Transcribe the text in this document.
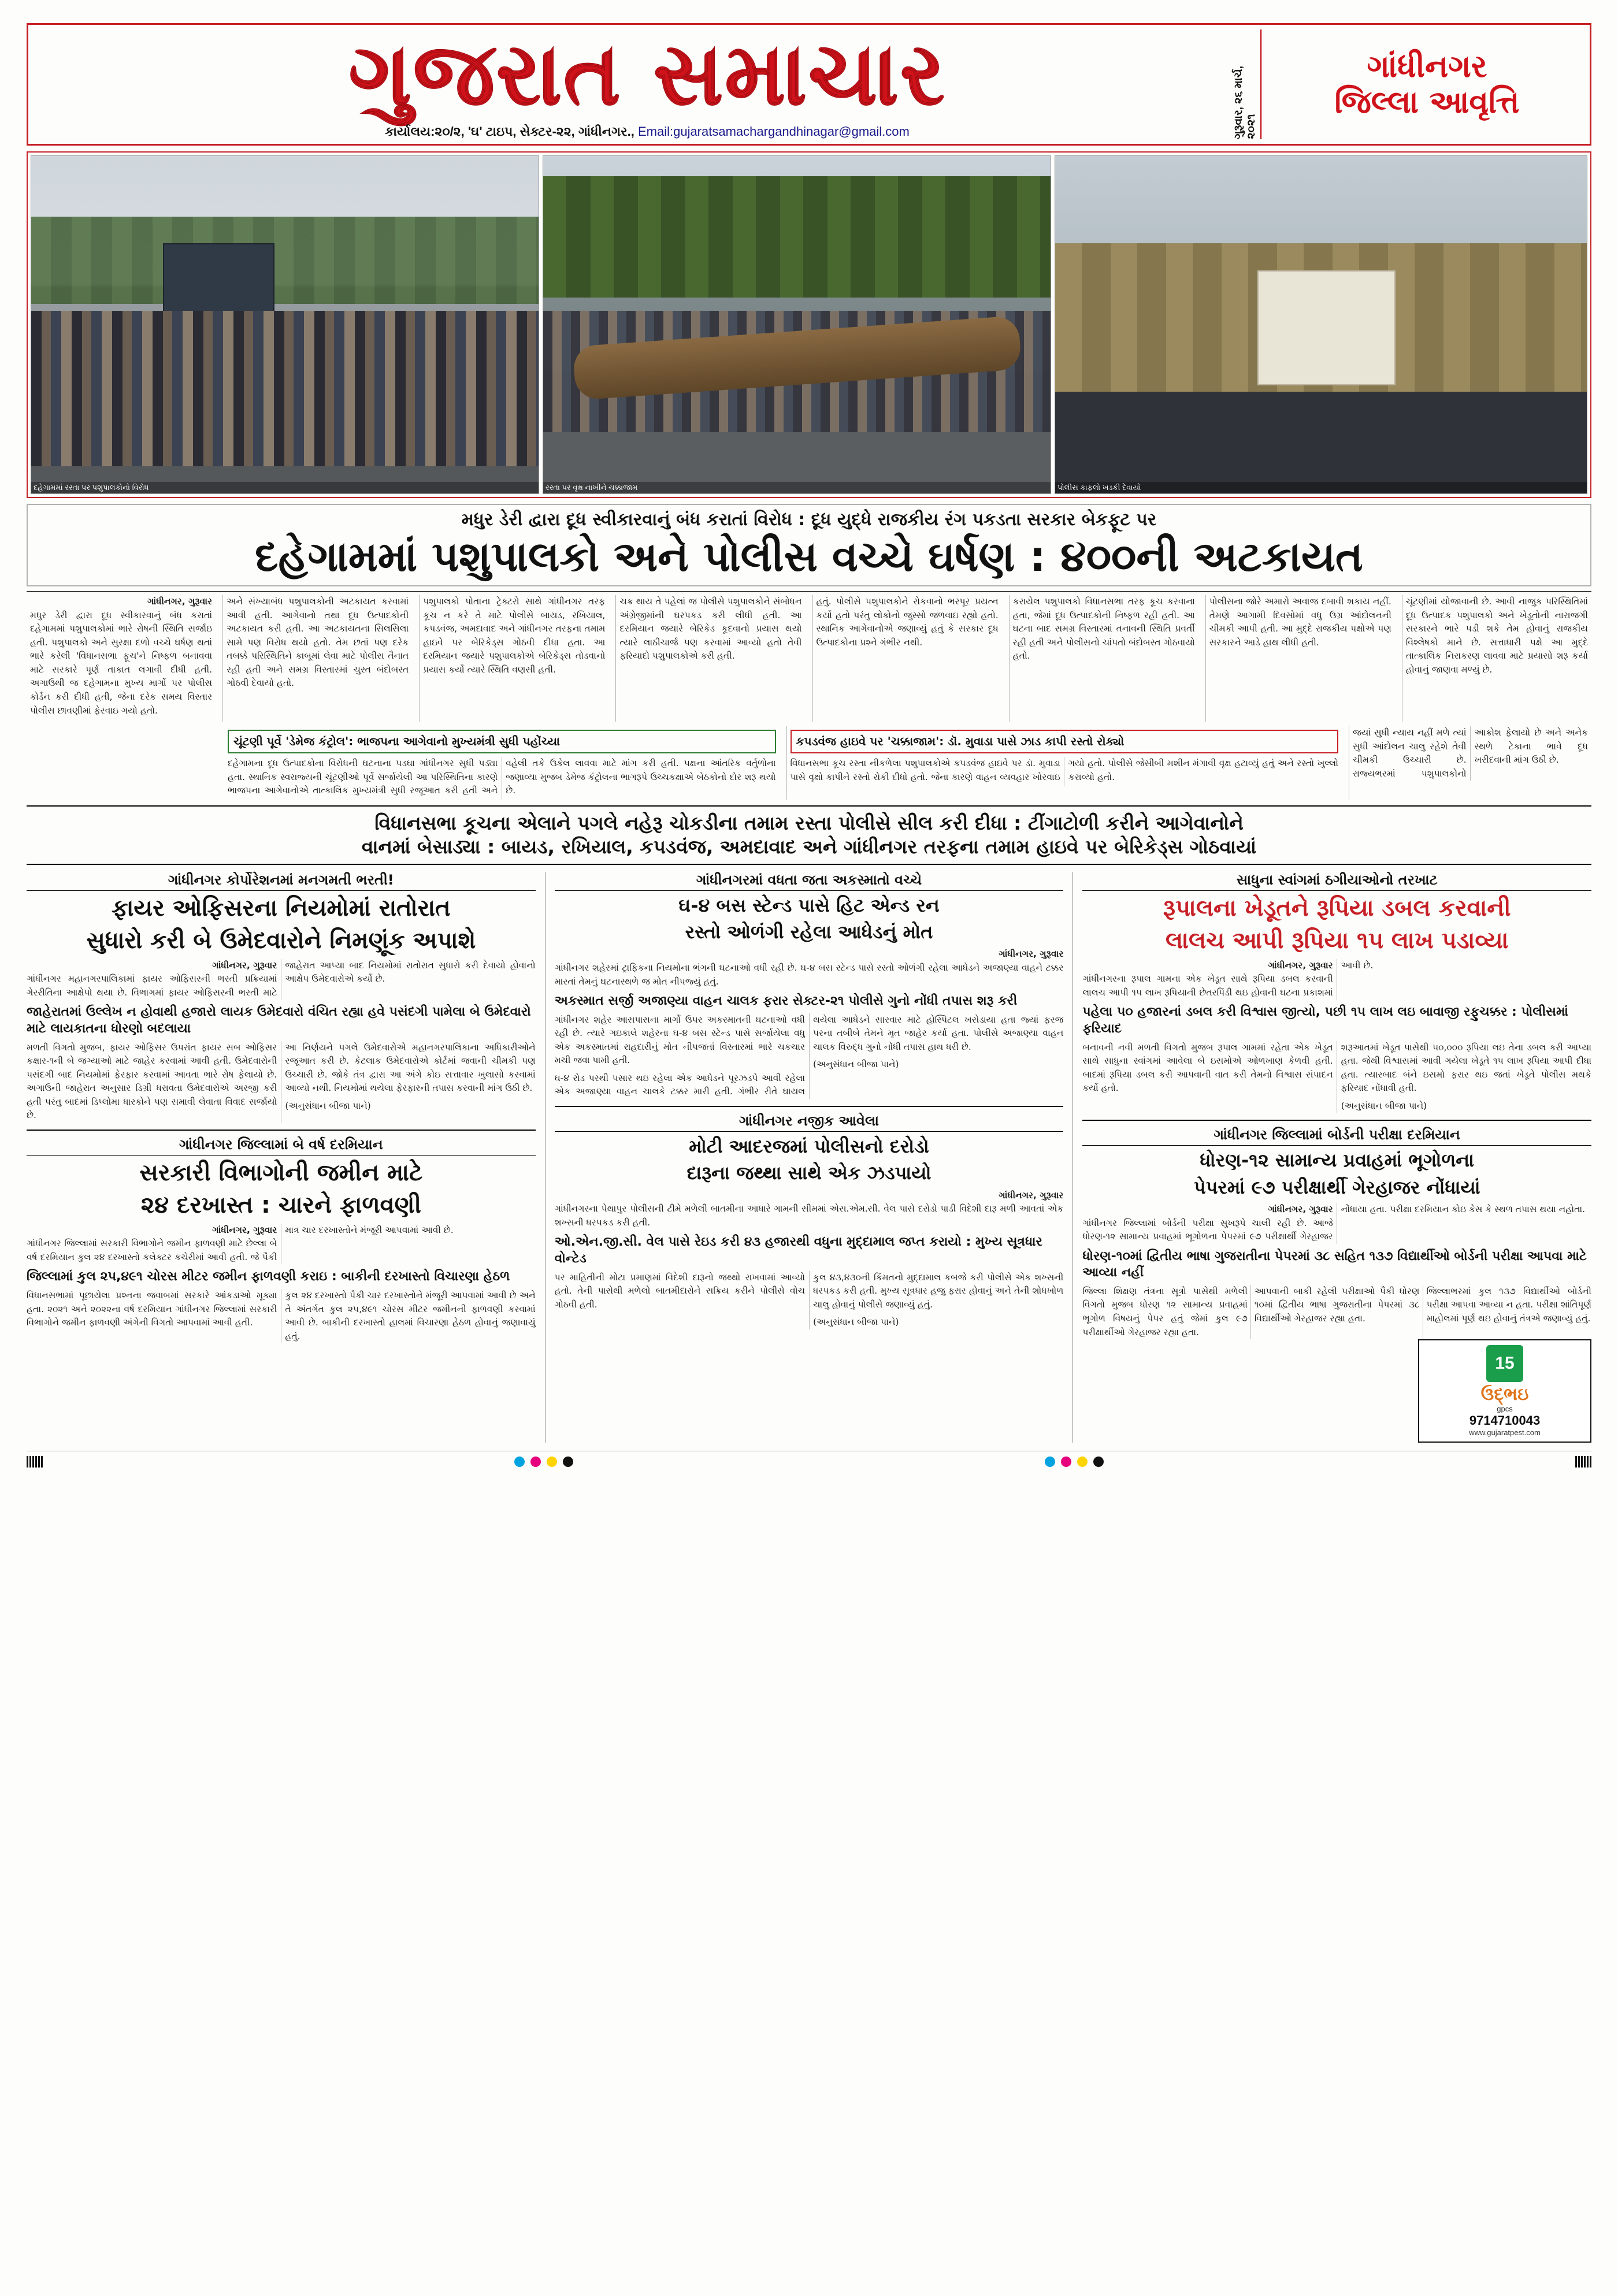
ગુજરાત સમાચાર
કાર્યાલય:૨૦/૨, 'ઘ' ટાઇપ, સેક્ટર-૨૨, ગાંધીનગર., Email:gujaratsamachargandhinagar@gmail.com	ગુરૂવાર, ૨૬ માર્ચ, ૨૦૨૧
ગાંધીનગર
જિલ્લા આવૃત્તિ
દહેગામમાં રસ્તા પર પશુપાલકોનો વિરોધ	રસ્તા પર વૃક્ષ નાખીને ચક્કાજામ	પોલીસ કાફલો ખડકી દેવાયો
મધુર ડેરી દ્વારા દૂધ સ્વીકારવાનું બંધ કરાતાં વિરોધ : દૂધ યુદ્ધે રાજકીય રંગ પકડતા સરકાર બેકફૂટ પર
દહેગામમાં પશુપાલકો અને પોલીસ વચ્ચે ઘર્ષણ : ૪૦૦ની અટકાયત
ગાંધીનગર, ગુરૂવાર

મધુર ડેરી દ્વારા દૂધ સ્વીકારવાનું બંધ કરાતાં દહેગામમાં પશુપાલકોમાં ભારે રોષની સ્થિતિ સર્જાઇ હતી. પશુપાલકો અને સુરક્ષા દળો વચ્ચે ઘર્ષણ થતાં ભારે કરેલી 'વિધાનસભા ફૂચ'ને નિષ્ફળ બનાવવા માટે સરકારે પૂર્ણ તાકાત લગાવી દીધી હતી. અગાઉથી જ દહેગામના મુખ્ય માર્ગો પર પોલીસ કોર્ડન કરી દીધી હતી, જેના દરેક સમય વિસ્તાર પોલીસ છાવણીમાં ફેરવાઇ ગયો હતો.

અને સંખ્યાબંધ પશુપાલકોની અટકાયત કરવામાં આવી હતી. આગેવાનો તથા દૂધ ઉત્પાદકોની અટકાયત કરી હતી. આ અટકાયતના સિલસિલા સામે પણ વિરોધ થયો હતો. તેમ છતાં પણ દરેક તબક્કે પરિસ્થિતિને કાબૂમાં લેવા માટે પોલીસ તૈનાત રહી હતી અને સમગ્ર વિસ્તારમાં ચુસ્ત બંદોબસ્ત ગોઠવી દેવાયો હતો.

પશુપાલકો પોતાના ટ્રેક્ટરો સાથે ગાંધીનગર તરફ કૂચ ન કરે તે માટે પોલીસે બાયડ, રખિયાલ, કપડવંજ, અમદાવાદ અને ગાંધીનગર તરફના તમામ હાઇવે પર બેરિકેડ્સ ગોઠવી દીધા હતા. આ દરમિયાન જયારે પશુપાલકોએ બેરિકેડ્સ તોડવાનો પ્રયાસ કર્યો ત્યારે સ્થિતિ વણસી હતી.

ચક્ર થાય તે પહેલાં જ પોલીસે પશુપાલકોને સંબોધન અંગ્રેજીમાંની ઘરપકડ કરી લીધી હતી. આ દરમિયાન જયારે બેરિકેડ કૂદવાનો પ્રયાસ થયો ત્યારે લાઠીચાર્જ પણ કરવામાં આવ્યો હતો તેવી ફરિયાદો પશુપાલકોએ કરી હતી.

હતું. પોલીસે પશુપાલકોને રોકવાનો ભરપૂર પ્રયત્ન કર્યો હતો પરંતુ લોકોનો જુસ્સો જળવાઇ રહ્યો હતો. સ્થાનિક આગેવાનોએ જણાવ્યું હતું કે સરકાર દૂધ ઉત્પાદકોના પ્રશ્ને ગંભીર નથી.

કરાયેલ પશુપાલકો વિધાનસભા તરફ કૂચ કરવાના હતા, જેમાં દૂધ ઉત્પાદકોની નિષ્ફળ રહી હતી. આ ઘટના બાદ સમગ્ર વિસ્તારમાં તનાવની સ્થિતિ પ્રવર્તી રહી હતી અને પોલીસનો ચાંપતો બંદોબસ્ત ગોઠવાયો હતો.

પોલીસના જોરે અમારો અવાજ દબાવી શકાય નહીં. તેમણે આગામી દિવસોમાં વધુ ઉગ્ર આંદોલનની ચીમકી આપી હતી. આ મુદ્દે રાજકીય પક્ષોએ પણ સરકારને આડે હાથ લીધી હતી.

ચૂંટણીમાં યોજાવાની છે. આવી નાજુક પરિસ્થિતિમાં દૂધ ઉત્પાદક પશુપાલકો અને ખેડૂતોની નારાજગી સરકારને ભારે પડી શકે તેમ હોવાનું રાજકીય વિશ્લેષકો માને છે. સત્તાધારી પક્ષે આ મુદ્દે તાત્કાલિક નિરાકરણ લાવવા માટે પ્રયાસો શરૂ કર્યા હોવાનું જાણવા મળ્યું છે.

ચૂંટણી પૂર્વે 'ડેમેજ કંટ્રોલ': ભાજપના આગેવાનો મુખ્યમંત્રી સુધી પહોંચ્યા

દહેગામના દૂધ ઉત્પાદકોના વિરોધની ઘટનાના પડઘા ગાંધીનગર સુધી પડ્યા હતા. સ્થાનિક સ્વરાજ્યની ચૂંટણીઓ પૂર્વે સર્જાયેલી આ પરિસ્થિતિના કારણે ભાજપના આગેવાનોએ તાત્કાલિક મુખ્યમંત્રી સુધી રજૂઆત કરી હતી અને વહેલી તકે ઉકેલ લાવવા માટે માંગ કરી હતી. પક્ષના આંતરિક વર્તુળોના જણાવ્યા મુજબ ડેમેજ કંટ્રોલના ભાગરૂપે ઉચ્ચકક્ષાએ બેઠકોનો દોર શરૂ થયો છે.

કપડવંજ હાઇવે પર 'ચક્કાજામ': ડૉ. મુવાડા પાસે ઝાડ કાપી રસ્તો રોક્યો

વિધાનસભા કૂચ રસ્તા નીકળેલા પશુપાલકોએ કપડવંજ હાઇવે પર ડૉ. મુવાડા પાસે વૃક્ષો કાપીને રસ્તો રોકી દીધો હતો. જેના કારણે વાહન વ્યવહાર ખોરવાઇ ગયો હતો. પોલીસે જેસીબી મશીન મંગાવી વૃક્ષ હટાવ્યું હતું અને રસ્તો ખુલ્લો કરાવ્યો હતો.

જયાં સુધી ન્યાય નહીં મળે ત્યાં સુધી આંદોલન ચાલુ રહેશે તેવી ચીમકી ઉચ્ચારી છે. રાજ્યભરમાં પશુપાલકોનો આક્રોશ ફેલાયો છે અને અનેક સ્થળે ટેકાના ભાવે દૂધ ખરીદવાની માંગ ઉઠી છે.

વિધાનસભા કૂચના એલાને પગલે નહેરૂ ચોકડીના તમામ રસ્તા પોલીસે સીલ કરી દીધા : ટીંગાટોળી કરીને આગેવાનોને
વાનમાં બેસાડ્યા : બાયડ, રખિયાલ, કપડવંજ, અમદાવાદ અને ગાંધીનગર તરફના તમામ હાઇવે પર બેરિકેડ્સ ગોઠવાયાં
ગાંધીનગર કોર્પોરેશનમાં મનગમતી ભરતી!
ફાયર ઓફિસરના નિયમોમાં રાતોરાત
સુધારો કરી બે ઉમેદવારોને નિમણૂંક અપાશે
ગાંધીનગર, ગુરૂવાર

ગાંધીનગર મહાનગરપાલિકામાં ફાયર ઓફિસરની ભરતી પ્રક્રિયામાં ગેરરીતિના આક્ષેપો થયા છે. વિભાગમાં ફાયર ઓફિસરની ભરતી માટે જાહેરાત આપ્યા બાદ નિયમોમાં રાતોરાત સુધારો કરી દેવાયો હોવાનો આક્ષેપ ઉમેદવારોએ કર્યો છે.

જાહેરાતમાં ઉલ્લેખ ન હોવાથી હજારો લાયક ઉમેદવારો વંચિત રહ્યા હવે પસંદગી પામેલા બે ઉમેદવારો માટે લાયકાતના ધોરણો બદલાયા

મળતી વિગતો મુજબ, ફાયર ઓફિસર ઉપરાંત ફાયર સબ ઓફિસર કક્ષાર-૧ની બે જગ્યાઓ માટે જાહેર કરવામાં આવી હતી. ઉમેદવારોની પસંદગી બાદ નિયમોમાં ફેરફાર કરવામાં આવતા ભારે રોષ ફેલાયો છે. અગાઉની જાહેરાત અનુસાર ડિગ્રી ધરાવતા ઉમેદવારોએ અરજી કરી હતી પરંતુ બાદમાં ડિપ્લોમા ધારકોને પણ સમાવી લેવાતા વિવાદ સર્જાયો છે.

આ નિર્ણયને પગલે ઉમેદવારોએ મહાનગરપાલિકાના અધિકારીઓને રજૂઆત કરી છે. કેટલાક ઉમેદવારોએ કોર્ટમાં જવાની ચીમકી પણ ઉચ્ચારી છે. જોકે તંત્ર દ્વારા આ અંગે કોઇ સત્તાવાર ખુલાસો કરવામાં આવ્યો નથી. નિયમોમાં થયેલા ફેરફારની તપાસ કરવાની માંગ ઉઠી છે.

(અનુસંધાન બીજા પાને)

ગાંધીનગર જિલ્લામાં બે વર્ષ દરમિયાન
સરકારી વિભાગોની જમીન માટે
૨૪ દરખાસ્ત : ચારને ફાળવણી
ગાંધીનગર, ગુરૂવાર

ગાંધીનગર જિલ્લામાં સરકારી વિભાગોને જમીન ફાળવણી માટે છેલ્લા બે વર્ષ દરમિયાન કુલ ૨૪ દરખાસ્તો કલેક્ટર કચેરીમાં આવી હતી. જે પૈકી માત્ર ચાર દરખાસ્તોને મંજૂરી આપવામાં આવી છે.

જિલ્લામાં કુલ ૨૫,૪૯૧ ચોરસ મીટર જમીન ફાળવણી કરાઇ : બાકીની દરખાસ્તો વિચારણા હેઠળ

વિધાનસભામાં પૂછાયેલા પ્રશ્નના જવાબમાં સરકારે આંકડાઓ મૂક્યા હતા. ૨૦૨૧ અને ૨૦૨૨ના વર્ષ દરમિયાન ગાંધીનગર જિલ્લામાં સરકારી વિભાગોને જમીન ફાળવણી અંગેની વિગતો આપવામાં આવી હતી.

કુલ ૨૪ દરખાસ્તો પૈકી ચાર દરખાસ્તોને મંજૂરી આપવામાં આવી છે અને તે અંતર્ગત કુલ ૨૫,૪૯૧ ચોરસ મીટર જમીનની ફાળવણી કરવામાં આવી છે. બાકીની દરખાસ્તો હાલમાં વિચારણા હેઠળ હોવાનું જણાવાયું હતું.

ગાંધીનગરમાં વધતા જતા અકસ્માતો વચ્ચે
ઘ-૪ બસ સ્ટેન્ડ પાસે હિટ એન્ડ રન
રસ્તો ઓળંગી રહેલા આધેડનું મોત
ગાંધીનગર, ગુરૂવાર

ગાંધીનગર શહેરમાં ટ્રાફિકના નિયમોના ભંગની ઘટનાઓ વધી રહી છે. ઘ-૪ બસ સ્ટેન્ડ પાસે રસ્તો ઓળંગી રહેલા આધેડને અજાણ્યા વાહને ટક્કર મારતાં તેમનું ઘટનાસ્થળે જ મોત નીપજ્યું હતું.

અકસ્માત સર્જી અજાણ્યા વાહન ચાલક ફરાર સેક્ટર-૨૧ પોલીસે ગુનો નોંધી તપાસ શરૂ કરી

ગાંધીનગર શહેર આસપાસના માર્ગો ઉપર અકસ્માતની ઘટનાઓ વધી રહી છે. ત્યારે ગઇકાલે શહેરના ઘ-૪ બસ સ્ટેન્ડ પાસે સર્જાયેલા વધુ એક અકસ્માતમાં રાહદારીનું મોત નીપજતાં વિસ્તારમાં ભારે ચકચાર મચી જવા પામી હતી.

ઘ-૪ રોડ પરથી પસાર થઇ રહેલા એક આધેડને પૂરઝડપે આવી રહેલા એક અજાણ્યા વાહન ચાલકે ટક્કર મારી હતી. ગંભીર રીતે ઘાયલ થયેલા આધેડને સારવાર માટે હોસ્પિટલ ખસેડાયા હતા જ્યાં ફરજ પરના તબીબે તેમને મૃત જાહેર કર્યા હતા. પોલીસે અજાણ્યા વાહન ચાલક વિરુદ્ધ ગુનો નોંધી તપાસ હાથ ધરી છે.

(અનુસંધાન બીજા પાને)

ગાંધીનગર નજીક આવેલા
મોટી આદરજમાં પોલીસનો દરોડો
દારૂના જથ્થા સાથે એક ઝડપાયો
ગાંધીનગર, ગુરૂવાર

ગાંધીનગરના પેથાપુર પોલીસની ટીમે મળેલી બાતમીના આધારે ગામની સીમમાં એસ.એમ.સી. વેલ પાસે દરોડો પાડી વિદેશી દારૂ મળી આવતાં એક શખ્સની ધરપકડ કરી હતી.

ઓ.એન.જી.સી. વેલ પાસે રેઇડ કરી ૪૩ હજારથી વધુના મુદ્દામાલ જપ્ત કરાયો : મુખ્ય સૂત્રધાર વોન્ટેડ

પર માહિતીની મોટા પ્રમાણમાં વિદેશી દારૂનો જથ્થો રાખવામાં આવ્યો હતો. તેની પાસેથી મળેલો બાતમીદારોને સક્રિય કરીને પોલીસે વોચ ગોઠવી હતી.

કુલ ૪૩,૪૩૦ની કિંમતનો મુદ્દામાલ કબજે કરી પોલીસે એક શખ્સની ધરપકડ કરી હતી. મુખ્ય સૂત્રધાર હજુ ફરાર હોવાનું અને તેની શોધખોળ ચાલુ હોવાનું પોલીસે જણાવ્યું હતું.

(અનુસંધાન બીજા પાને)

સાધુના સ્વાંગમાં ઠગીયાઓનો તરખાટ
રૂપાલના ખેડૂતને રૂપિયા ડબલ કરવાની
લાલચ આપી રૂપિયા ૧૫ લાખ પડાવ્યા
ગાંધીનગર, ગુરૂવાર

ગાંધીનગરના રૂપાલ ગામના એક ખેડૂત સાથે રૂપિયા ડબલ કરવાની લાલચ આપી ૧૫ લાખ રૂપિયાની છેતરપિંડી થઇ હોવાની ઘટના પ્રકાશમાં આવી છે.

પહેલા ૫૦ હજારનાં ડબલ કરી વિશ્વાસ જીત્યો, પછી ૧૫ લાખ લઇ બાવાજી રફુચક્કર : પોલીસમાં ફરિયાદ

બનાવની નવી મળતી વિગતો મુજબ રૂપાલ ગામમાં રહેતા એક ખેડૂત સાથે સાધુના સ્વાંગમાં આવેલા બે ઇસમોએ ઓળખાણ કેળવી હતી. બાદમાં રૂપિયા ડબલ કરી આપવાની વાત કરી તેમનો વિશ્વાસ સંપાદન કર્યો હતો.

શરૂઆતમાં ખેડૂત પાસેથી ૫૦,૦૦૦ રૂપિયા લઇ તેના ડબલ કરી આપ્યા હતા. જેથી વિશ્વાસમાં આવી ગયેલા ખેડૂતે ૧૫ લાખ રૂપિયા આપી દીધા હતા. ત્યારબાદ બંને ઇસમો ફરાર થઇ જતાં ખેડૂતે પોલીસ મથકે ફરિયાદ નોંધાવી હતી.

(અનુસંધાન બીજા પાને)

ગાંધીનગર જિલ્લામાં બોર્ડની પરીક્ષા દરમિયાન
ધોરણ-૧૨ સામાન્ય પ્રવાહમાં ભૂગોળના
પેપરમાં ૯૭ પરીક્ષાર્થી ગેરહાજર નોંધાયાં
ગાંધીનગર, ગુરૂવાર

ગાંધીનગર જિલ્લામાં બોર્ડની પરીક્ષા સુખરૂપે ચાલી રહી છે. આજે ધોરણ-૧૨ સામાન્ય પ્રવાહમાં ભૂગોળના પેપરમાં ૯૭ પરીક્ષાર્થી ગેરહાજર નોંધાયા હતા. પરીક્ષા દરમિયાન કોઇ કેસ કે સ્થળ તપાસ થયા નહોતા.

ધોરણ-૧૦માં દ્વિતીય ભાષા ગુજરાતીના પેપરમાં ૩૮ સહિત ૧૩૭ વિદ્યાર્થીઓ બોર્ડની પરીક્ષા આપવા માટે આવ્યા નહીં

જિલ્લા શિક્ષણ તંત્રના સૂત્રો પાસેથી મળેલી વિગતો મુજબ ધોરણ ૧૨ સામાન્ય પ્રવાહમાં ભૂગોળ વિષયનું પેપર હતું જેમાં કુલ ૯૭ પરીક્ષાર્થીઓ ગેરહાજર રહ્યા હતા.

આપવાની બાકી રહેલી પરીક્ષાઓ પૈકી ધોરણ ૧૦માં દ્વિતીય ભાષા ગુજરાતીના પેપરમાં ૩૮ વિદ્યાર્થીઓ ગેરહાજર રહ્યા હતા.

જિલ્લાભરમાં કુલ ૧૩૭ વિદ્યાર્થીઓ બોર્ડની પરીક્ષા આપવા આવ્યા ન હતા. પરીક્ષા શાંતિપૂર્ણ માહોલમાં પૂર્ણ થઇ હોવાનું તંત્રએ જણાવ્યું હતું.

15
ઉદ્ભઇ
gpcs
9714710043
www.gujaratpest.com
